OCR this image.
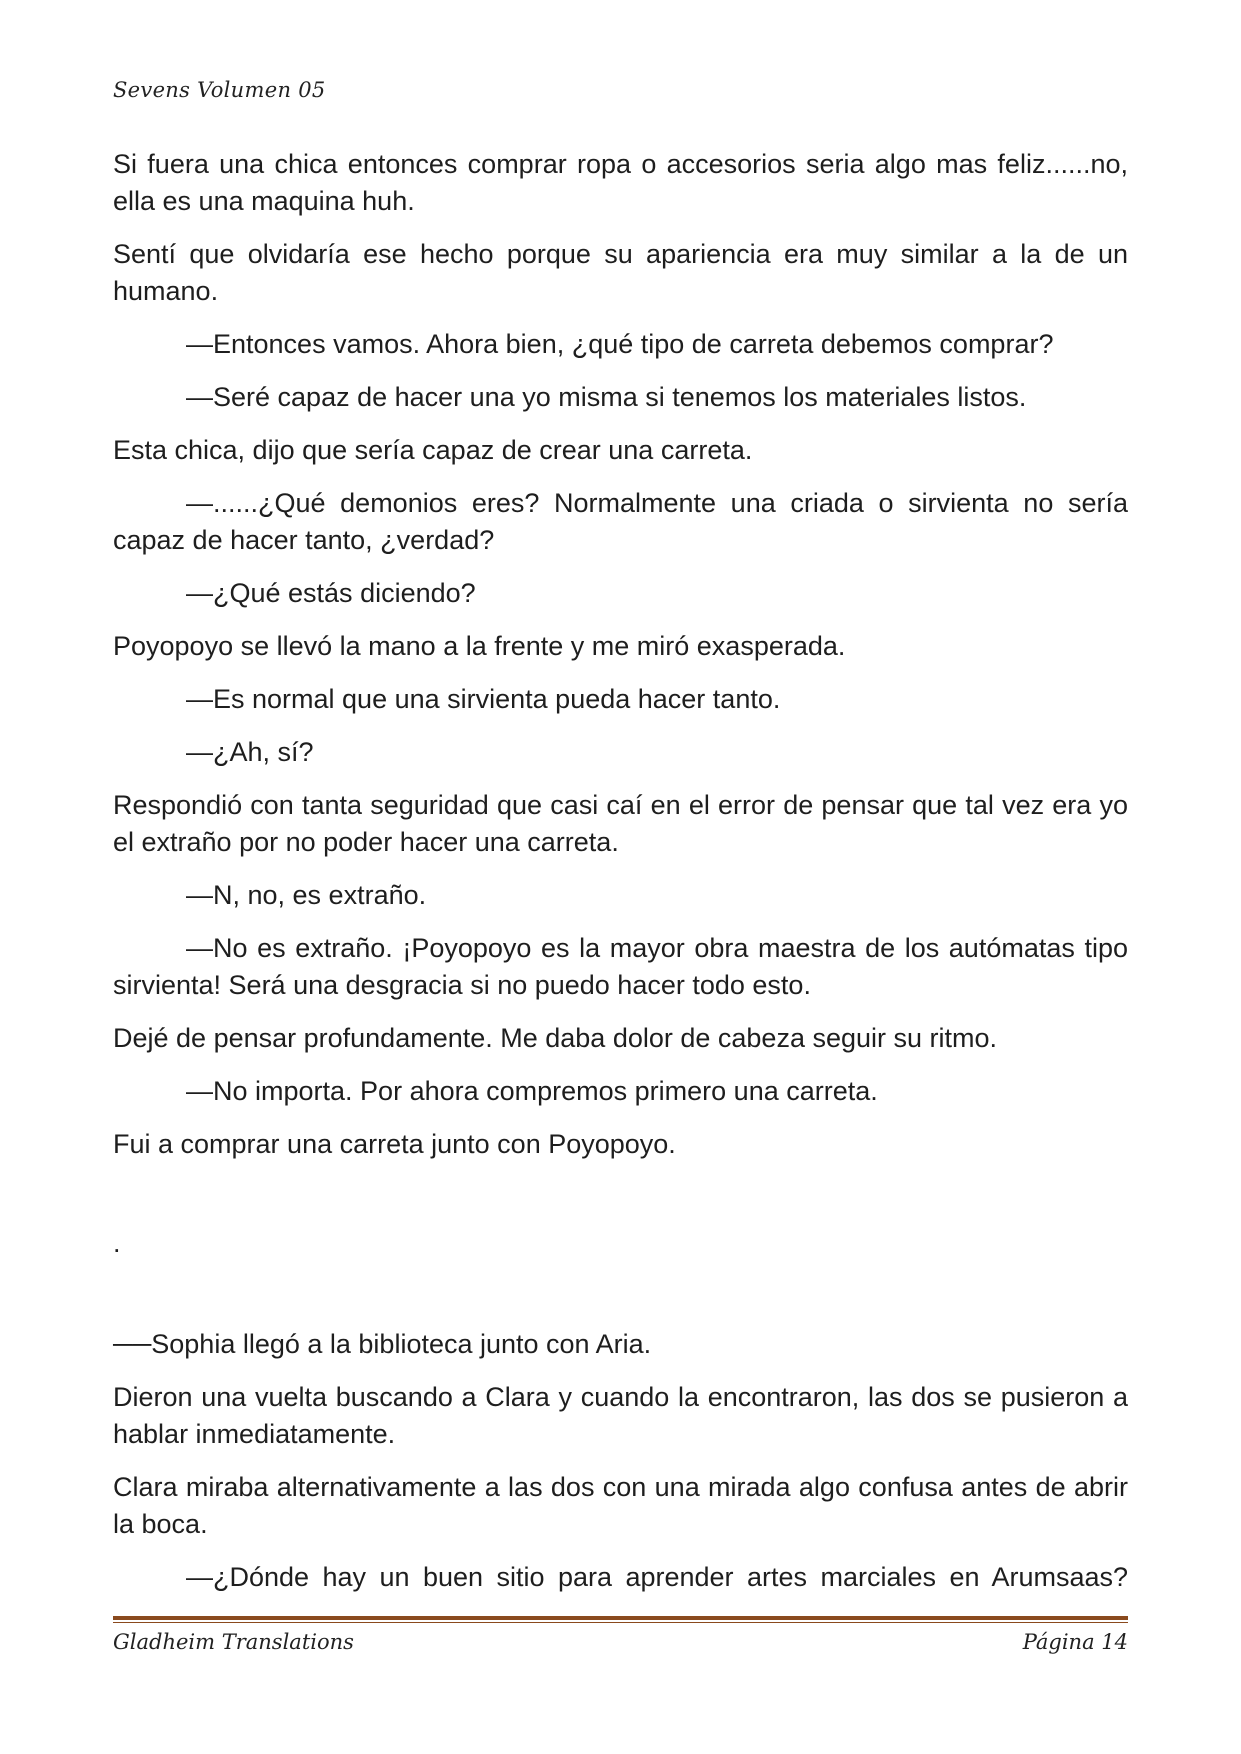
Sevens Volumen 05

Si fuera una chica entonces comprar ropa o accesorios seria algo mas feliz......no, ella es una maquina huh.

Sentí que olvidaría ese hecho porque su apariencia era muy similar a la de un humano.

—Entonces vamos. Ahora bien, ¿qué tipo de carreta debemos comprar?

—Seré capaz de hacer una yo misma si tenemos los materiales listos.

Esta chica, dijo que sería capaz de crear una carreta.

—......¿Qué demonios eres? Normalmente una criada o sirvienta no sería capaz de hacer tanto, ¿verdad?

—¿Qué estás diciendo?

Poyopoyo se llevó la mano a la frente y me miró exasperada.

—Es normal que una sirvienta pueda hacer tanto.

—¿Ah, sí?

Respondió con tanta seguridad que casi caí en el error de pensar que tal vez era yo el extraño por no poder hacer una carreta.

—N, no, es extraño.

—No es extraño. ¡Poyopoyo es la mayor obra maestra de los autómatas tipo sirvienta! Será una desgracia si no puedo hacer todo esto.

Dejé de pensar profundamente. Me daba dolor de cabeza seguir su ritmo.

—No importa. Por ahora compremos primero una carreta.

Fui a comprar una carreta junto con Poyopoyo.

.

──Sophia llegó a la biblioteca junto con Aria.

Dieron una vuelta buscando a Clara y cuando la encontraron, las dos se pusieron a hablar inmediatamente.

Clara miraba alternativamente a las dos con una mirada algo confusa antes de abrir la boca.

—¿Dónde hay un buen sitio para aprender artes marciales en Arumsaas?

Gladheim Translations	Página 14
